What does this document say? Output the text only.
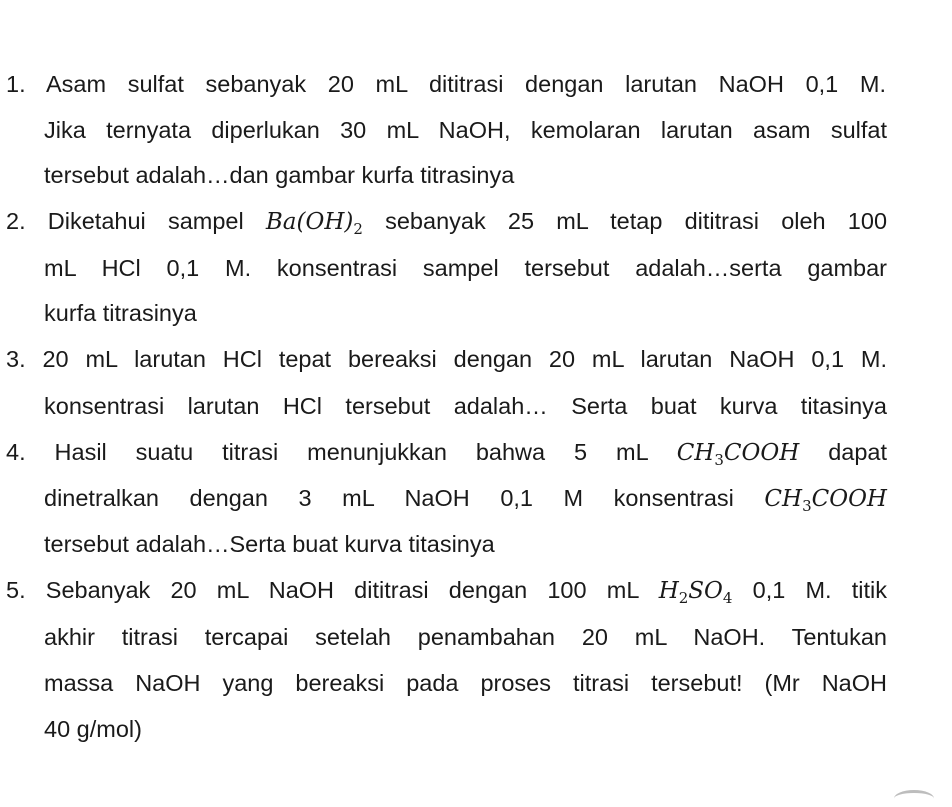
1. Asam sulfat sebanyak 20 mL dititrasi dengan larutan NaOH 0,1 M.
Jika ternyata diperlukan 30 mL NaOH, kemolaran larutan asam sulfat
tersebut adalah…dan gambar kurfa titrasinya
2. Diketahui sampel $Ba(OH)_2$ sebanyak 25 mL tetap dititrasi oleh 100
mL HCl 0,1 M. konsentrasi sampel tersebut adalah…serta gambar
kurfa titrasinya
3. 20 mL larutan HCl tepat bereaksi dengan 20 mL larutan NaOH 0,1 M.
konsentrasi larutan HCl tersebut adalah… Serta buat kurva titasinya
4. Hasil suatu titrasi menunjukkan bahwa 5 mL $CH_3COOH$ dapat
dinetralkan dengan 3 mL NaOH 0,1 M konsentrasi $CH_3COOH$
tersebut adalah…Serta buat kurva titasinya
5. Sebanyak 20 mL NaOH dititrasi dengan 100 mL $H_2SO_4$ 0,1 M. titik
akhir titrasi tercapai setelah penambahan 20 mL NaOH. Tentukan
massa NaOH yang bereaksi pada proses titrasi tersebut! (Mr NaOH
40 g/mol)
